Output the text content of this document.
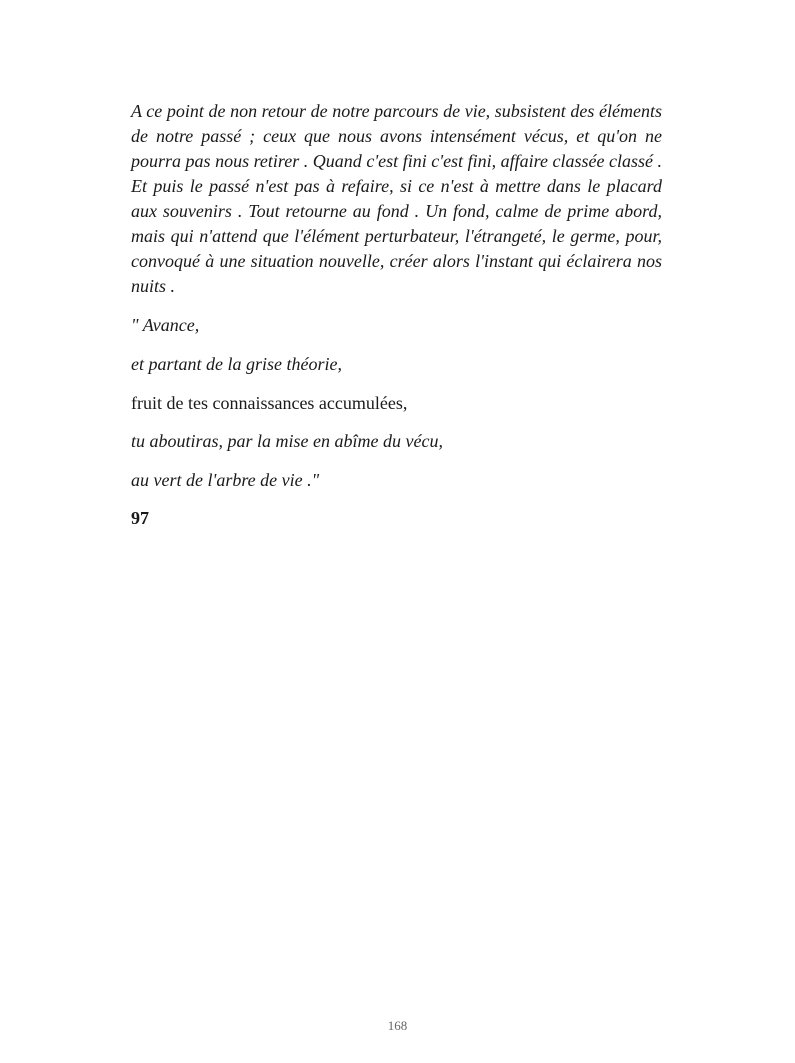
A ce point de non retour de notre parcours de vie, subsistent des éléments de notre passé ; ceux que nous avons intensément vécus, et qu'on ne pourra pas nous retirer . Quand c'est fini c'est fini, affaire classée classé . Et puis le passé n'est pas à refaire, si ce n'est à mettre dans le placard aux souvenirs . Tout retourne au fond . Un fond, calme de prime abord, mais qui n'attend que l'élément perturbateur, l'étrangeté, le germe, pour, convoqué à une situation nouvelle, créer alors l'instant qui éclairera nos nuits .

" Avance,

et partant de la grise théorie,

fruit de tes connaissances accumulées,

tu aboutiras, par la mise en abîme du vécu,

au vert de l'arbre de vie ."

97

168
